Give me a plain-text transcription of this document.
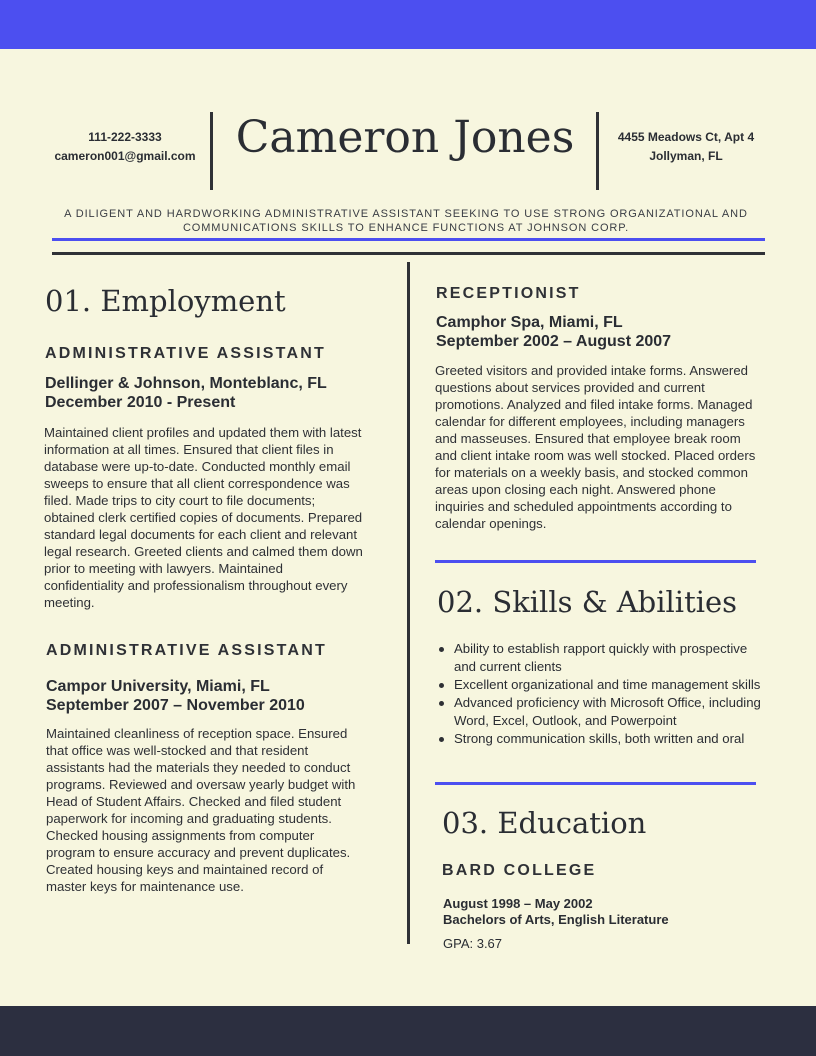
111-222-3333
cameron001@gmail.com Cameron Jones	4455 Meadows Ct, Apt 4
Jollyman, FL
A DILIGENT AND HARDWORKING ADMINISTRATIVE ASSISTANT SEEKING TO USE STRONG ORGANIZATIONAL AND COMMUNICATIONS SKILLS TO ENHANCE FUNCTIONS AT JOHNSON CORP.
01. Employment
ADMINISTRATIVE ASSISTANT
Dellinger & Johnson, Monteblanc, FL
December 2010 - Present
Maintained client profiles and updated them with latest information at all times. Ensured that client files in database were up-to-date. Conducted monthly email sweeps to ensure that all client correspondence was filed. Made trips to city court to file documents; obtained clerk certified copies of documents. Prepared standard legal documents for each client and relevant legal research. Greeted clients and calmed them down prior to meeting with lawyers. Maintained confidentiality and professionalism throughout every meeting.
ADMINISTRATIVE ASSISTANT
Campor University, Miami, FL
September 2007 – November 2010
Maintained cleanliness of reception space. Ensured that office was well-stocked and that resident assistants had the materials they needed to conduct programs. Reviewed and oversaw yearly budget with Head of Student Affairs. Checked and filed student paperwork for incoming and graduating students. Checked housing assignments from computer program to ensure accuracy and prevent duplicates. Created housing keys and maintained record of master keys for maintenance use.
RECEPTIONIST
Camphor Spa, Miami, FL
September 2002 – August 2007
Greeted visitors and provided intake forms. Answered questions about services provided and current promotions. Analyzed and filed intake forms. Managed calendar for different employees, including managers and masseuses. Ensured that employee break room and client intake room was well stocked. Placed orders for materials on a weekly basis, and stocked common areas upon closing each night. Answered phone inquiries and scheduled appointments according to calendar openings.
02. Skills & Abilities
Ability to establish rapport quickly with prospective and current clients
Excellent organizational and time management skills
Advanced proficiency with Microsoft Office, including Word, Excel, Outlook, and Powerpoint
Strong communication skills, both written and oral
03. Education
BARD COLLEGE
August 1998 – May 2002
Bachelors of Arts, English Literature
GPA: 3.67
